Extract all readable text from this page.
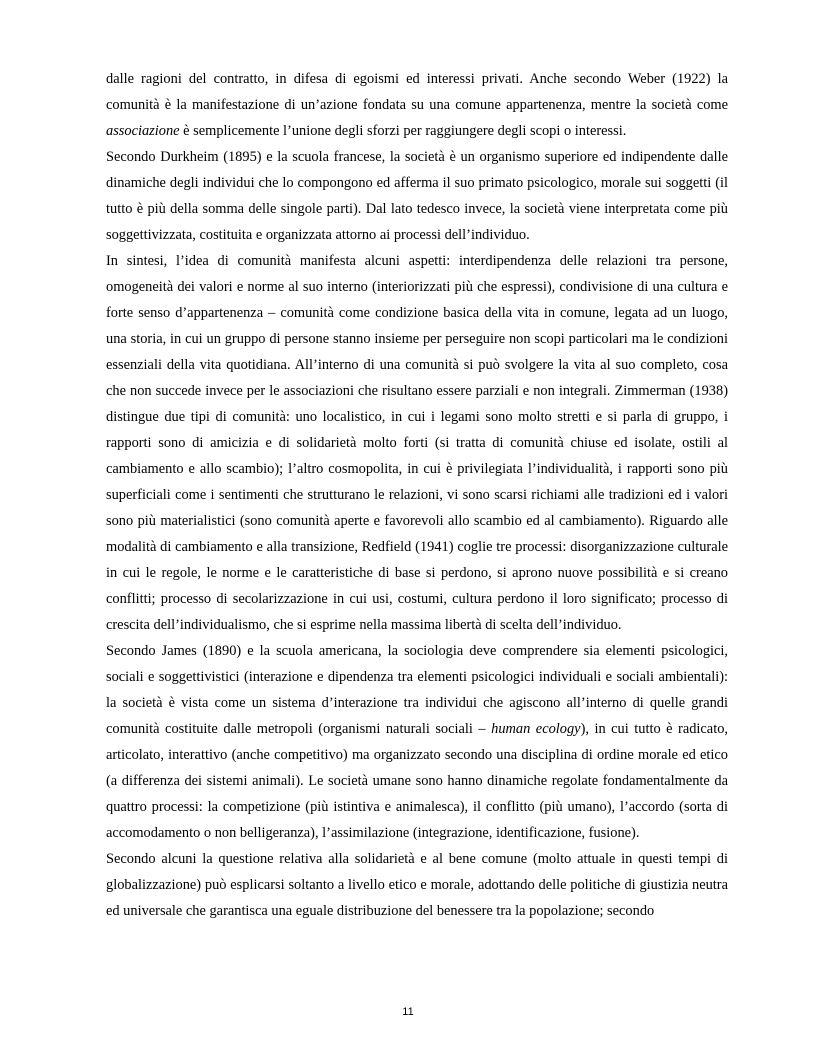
dalle ragioni del contratto, in difesa di egoismi ed interessi privati. Anche secondo Weber (1922) la comunità è la manifestazione di un’azione fondata su una comune appartenenza, mentre la società come associazione è semplicemente l’unione degli sforzi per raggiungere degli scopi o interessi.

Secondo Durkheim (1895) e la scuola francese, la società è un organismo superiore ed indipendente dalle dinamiche degli individui che lo compongono ed afferma il suo primato psicologico, morale sui soggetti (il tutto è più della somma delle singole parti). Dal lato tedesco invece, la società viene interpretata come più soggettivizzata, costituita e organizzata attorno ai processi dell’individuo.

In sintesi, l’idea di comunità manifesta alcuni aspetti: interdipendenza delle relazioni tra persone, omogeneità dei valori e norme al suo interno (interiorizzati più che espressi), condivisione di una cultura e forte senso d’appartenenza – comunità come condizione basica della vita in comune, legata ad un luogo, una storia, in cui un gruppo di persone stanno insieme per perseguire non scopi particolari ma le condizioni essenziali della vita quotidiana. All’interno di una comunità si può svolgere la vita al suo completo, cosa che non succede invece per le associazioni che risultano essere parziali e non integrali. Zimmerman (1938) distingue due tipi di comunità: uno localistico, in cui i legami sono molto stretti e si parla di gruppo, i rapporti sono di amicizia e di solidarietà molto forti (si tratta di comunità chiuse ed isolate, ostili al cambiamento e allo scambio); l’altro cosmopolita, in cui è privilegiata l’individualità, i rapporti sono più superficiali come i sentimenti che strutturano le relazioni, vi sono scarsi richiami alle tradizioni ed i valori sono più materialistici (sono comunità aperte e favorevoli allo scambio ed al cambiamento). Riguardo alle modalità di cambiamento e alla transizione, Redfield (1941) coglie tre processi: disorganizzazione culturale in cui le regole, le norme e le caratteristiche di base si perdono, si aprono nuove possibilità e si creano conflitti; processo di secolarizzazione in cui usi, costumi, cultura perdono il loro significato; processo di crescita dell’individualismo, che si esprime nella massima libertà di scelta dell’individuo.

Secondo James (1890) e la scuola americana, la sociologia deve comprendere sia elementi psicologici, sociali e soggettivistici (interazione e dipendenza tra elementi psicologici individuali e sociali ambientali): la società è vista come un sistema d’interazione tra individui che agiscono all’interno di quelle grandi comunità costituite dalle metropoli (organismi naturali sociali – human ecology), in cui tutto è radicato, articolato, interattivo (anche competitivo) ma organizzato secondo una disciplina di ordine morale ed etico (a differenza dei sistemi animali). Le società umane sono hanno dinamiche regolate fondamentalmente da quattro processi: la competizione (più istintiva e animalesca), il conflitto (più umano), l’accordo (sorta di accomodamento o non belligeranza), l’assimilazione (integrazione, identificazione, fusione).

Secondo alcuni la questione relativa alla solidarietà e al bene comune (molto attuale in questi tempi di globalizzazione) può esplicarsi soltanto a livello etico e morale, adottando delle politiche di giustizia neutra ed universale che garantisca una eguale distribuzione del benessere tra la popolazione; secondo

11
